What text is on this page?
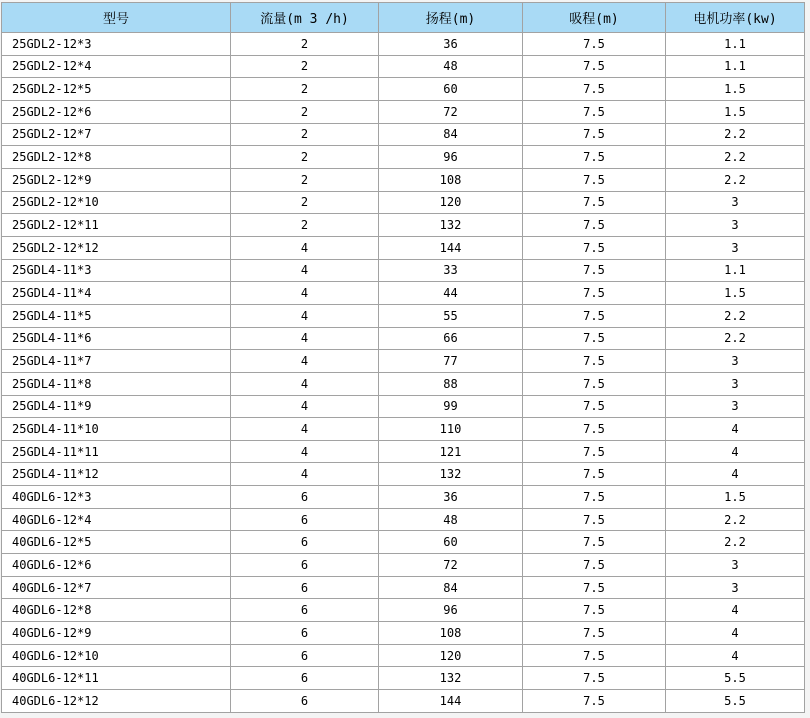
型号	流量(m 3 /h)	扬程(m)	吸程(m)	电机功率(kw)
25GDL2-12*3	2	36	7.5	1.1
25GDL2-12*4	2	48	7.5	1.1
25GDL2-12*5	2	60	7.5	1.5
25GDL2-12*6	2	72	7.5	1.5
25GDL2-12*7	2	84	7.5	2.2
25GDL2-12*8	2	96	7.5	2.2
25GDL2-12*9	2	108	7.5	2.2
25GDL2-12*10	2	120	7.5	3
25GDL2-12*11	2	132	7.5	3
25GDL2-12*12	4	144	7.5	3
25GDL4-11*3	4	33	7.5	1.1
25GDL4-11*4	4	44	7.5	1.5
25GDL4-11*5	4	55	7.5	2.2
25GDL4-11*6	4	66	7.5	2.2
25GDL4-11*7	4	77	7.5	3
25GDL4-11*8	4	88	7.5	3
25GDL4-11*9	4	99	7.5	3
25GDL4-11*10	4	110	7.5	4
25GDL4-11*11	4	121	7.5	4
25GDL4-11*12	4	132	7.5	4
40GDL6-12*3	6	36	7.5	1.5
40GDL6-12*4	6	48	7.5	2.2
40GDL6-12*5	6	60	7.5	2.2
40GDL6-12*6	6	72	7.5	3
40GDL6-12*7	6	84	7.5	3
40GDL6-12*8	6	96	7.5	4
40GDL6-12*9	6	108	7.5	4
40GDL6-12*10	6	120	7.5	4
40GDL6-12*11	6	132	7.5	5.5
40GDL6-12*12	6	144	7.5	5.5
